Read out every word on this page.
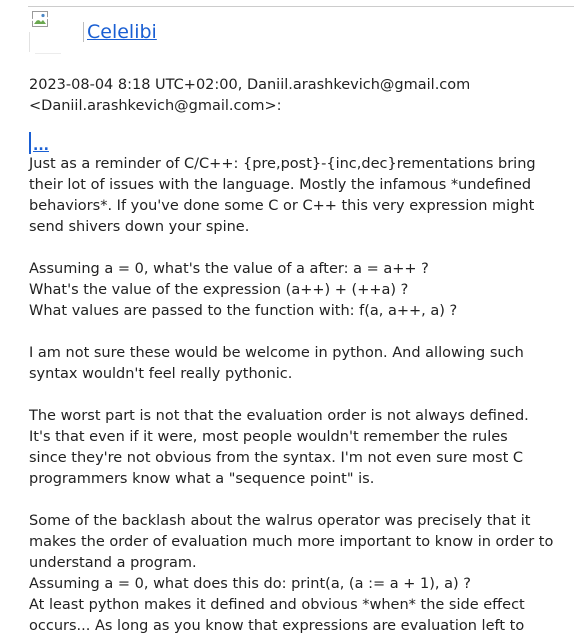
Celelibi
2023-08-04 8:18 UTC+02:00, Daniil.arashkevich@gmail.com
<Daniil.arashkevich@gmail.com>:
...
Just as a reminder of C/C++: {pre,post}-{inc,dec}rementations bring
their lot of issues with the language. Mostly the infamous *undefined
behaviors*. If you've done some C or C++ this very expression might
send shivers down your spine.
Assuming a = 0, what's the value of a after: a = a++ ?
What's the value of the expression (a++) + (++a) ?
What values are passed to the function with: f(a, a++, a) ?
I am not sure these would be welcome in python. And allowing such
syntax wouldn't feel really pythonic.
The worst part is not that the evaluation order is not always defined.
It's that even if it were, most people wouldn't remember the rules
since they're not obvious from the syntax. I'm not even sure most C
programmers know what a "sequence point" is.
Some of the backlash about the walrus operator was precisely that it
makes the order of evaluation much more important to know in order to
understand a program.
Assuming a = 0, what does this do: print(a, (a := a + 1), a) ?
At least python makes it defined and obvious *when* the side effect
occurs... As long as you know that expressions are evaluation left to
